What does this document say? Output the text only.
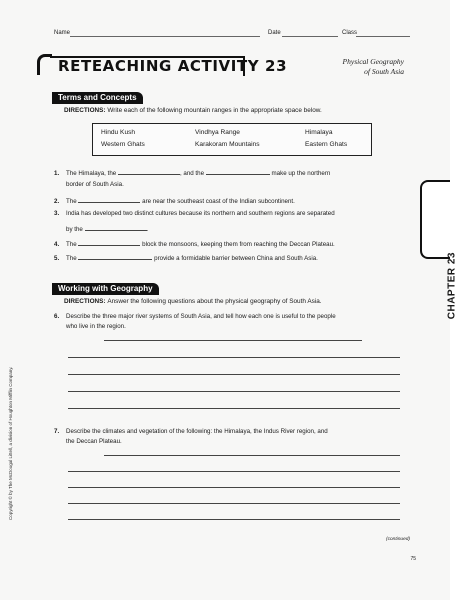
Name	Date	Class
RETEACHING ACTIVITY 23	Physical Geography
of South Asia
Terms and Concepts
DIRECTIONS: Write each of the following mountain ranges in the appropriate space below.
Hindu Kush	Vindhya Range	Himalaya
Western Ghats	Karakoram Mountains	Eastern Ghats
1. The Himalaya, the	, and the	make up the northern
border of South Asia.
2. The	are near the southeast coast of the Indian subcontinent.
3. India has developed two distinct cultures because its northern and southern regions are separated
by the	.
4. The	block the monsoons, keeping them from reaching the Deccan Plateau.
5. The	provide a formidable barrier between China and South Asia.
Working with Geography
DIRECTIONS: Answer the following questions about the physical geography of South Asia.
6. Describe the three major river systems of South Asia, and tell how each one is useful to the people
who live in the region.
7. Describe the climates and vegetation of the following: the Himalaya, the Indus River region, and
the Deccan Plateau.
CHAPTER 23
Copyright © by The McDougal Littell, a division of Houghton Mifflin Company.
(continued)
75
